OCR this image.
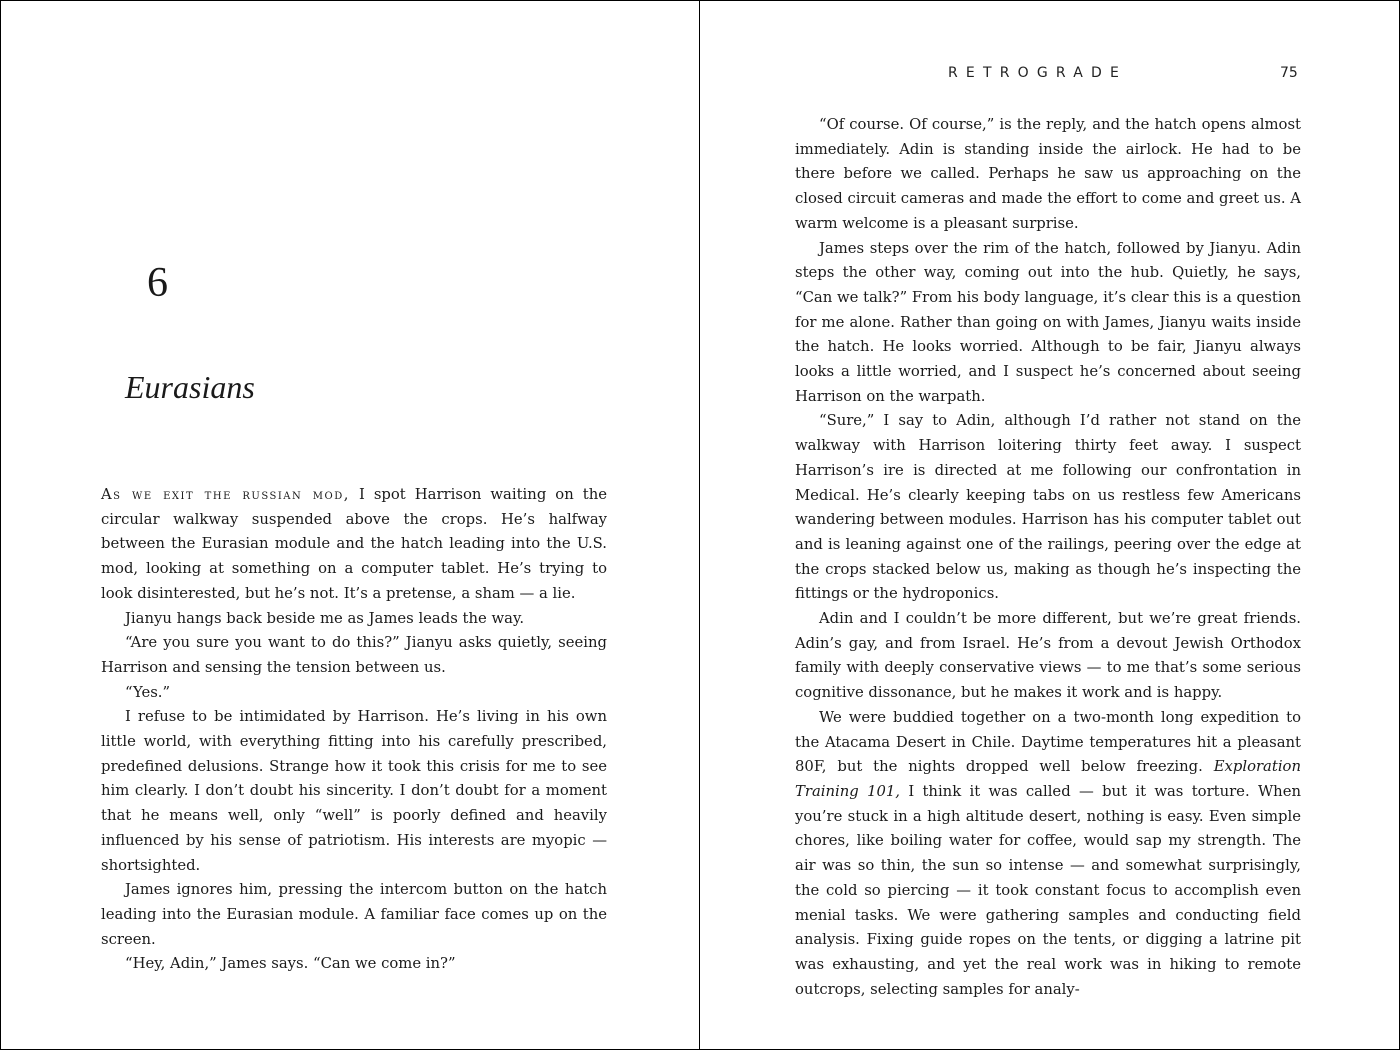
6
Eurasians

As we exit the russian mod, I spot Harrison waiting on the circular walkway suspended above the crops. He’s halfway between the Eurasian module and the hatch leading into the U.S. mod, looking at something on a computer tablet. He’s trying to look disinterested, but he’s not. It’s a pretense, a sham — a lie.

Jianyu hangs back beside me as James leads the way.

“Are you sure you want to do this?” Jianyu asks quietly, seeing Harrison and sensing the tension between us.

“Yes.”

I refuse to be intimidated by Harrison. He’s living in his own little world, with everything fitting into his carefully prescribed, predefined delusions. Strange how it took this crisis for me to see him clearly. I don’t doubt his sincerity. I don’t doubt for a moment that he means well, only “well” is poorly defined and heavily influenced by his sense of patriotism. His interests are myopic — shortsighted.

James ignores him, pressing the intercom button on the hatch leading into the Eurasian module. A familiar face comes up on the screen.

“Hey, Adin,” James says. “Can we come in?”

RETROGRADE	75

“Of course. Of course,” is the reply, and the hatch opens almost immediately. Adin is standing inside the airlock. He had to be there before we called. Perhaps he saw us approaching on the closed circuit cameras and made the effort to come and greet us. A warm welcome is a pleasant surprise.

James steps over the rim of the hatch, followed by Jianyu. Adin steps the other way, coming out into the hub. Quietly, he says, “Can we talk?” From his body language, it’s clear this is a question for me alone. Rather than going on with James, Jianyu waits inside the hatch. He looks worried. Although to be fair, Jianyu always looks a little worried, and I suspect he’s concerned about seeing Harrison on the warpath.

“Sure,” I say to Adin, although I’d rather not stand on the walkway with Harrison loitering thirty feet away. I suspect Harrison’s ire is directed at me following our confrontation in Medical. He’s clearly keeping tabs on us restless few Americans wandering between modules. Harrison has his computer tablet out and is leaning against one of the railings, peering over the edge at the crops stacked below us, making as though he’s inspecting the fittings or the hydroponics.

Adin and I couldn’t be more different, but we’re great friends. Adin’s gay, and from Israel. He’s from a devout Jewish Orthodox family with deeply conservative views — to me that’s some serious cognitive dissonance, but he makes it work and is happy.

We were buddied together on a two-month long expedition to the Atacama Desert in Chile. Daytime temperatures hit a pleasant 80F, but the nights dropped well below freezing. Exploration Training 101, I think it was called — but it was torture. When you’re stuck in a high altitude desert, nothing is easy. Even simple chores, like boiling water for coffee, would sap my strength. The air was so thin, the sun so intense — and somewhat surprisingly, the cold so piercing — it took constant focus to accomplish even menial tasks. We were gathering samples and conducting field analysis. Fixing guide ropes on the tents, or digging a latrine pit was exhausting, and yet the real work was in hiking to remote outcrops, selecting samples for analy-
